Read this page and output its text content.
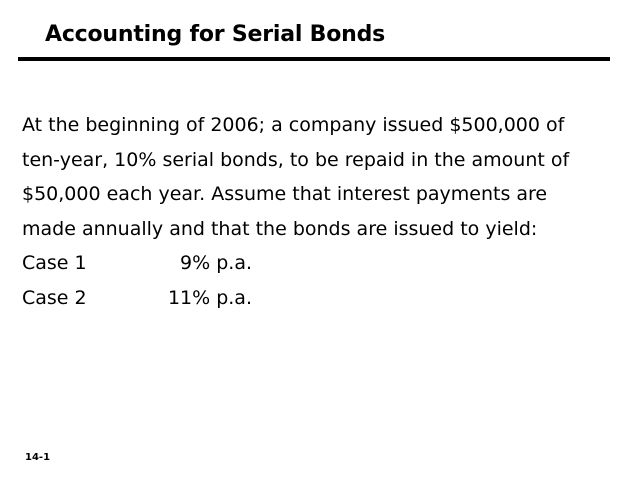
Accounting for Serial Bonds
At the beginning of 2006; a company issued $500,000 of
ten-year, 10% serial bonds, to be repaid in the amount of
$50,000 each year. Assume that interest payments are
made annually and that the bonds are issued to yield:
Case 1	9% p.a.
Case 2	11% p.a.
14-1
